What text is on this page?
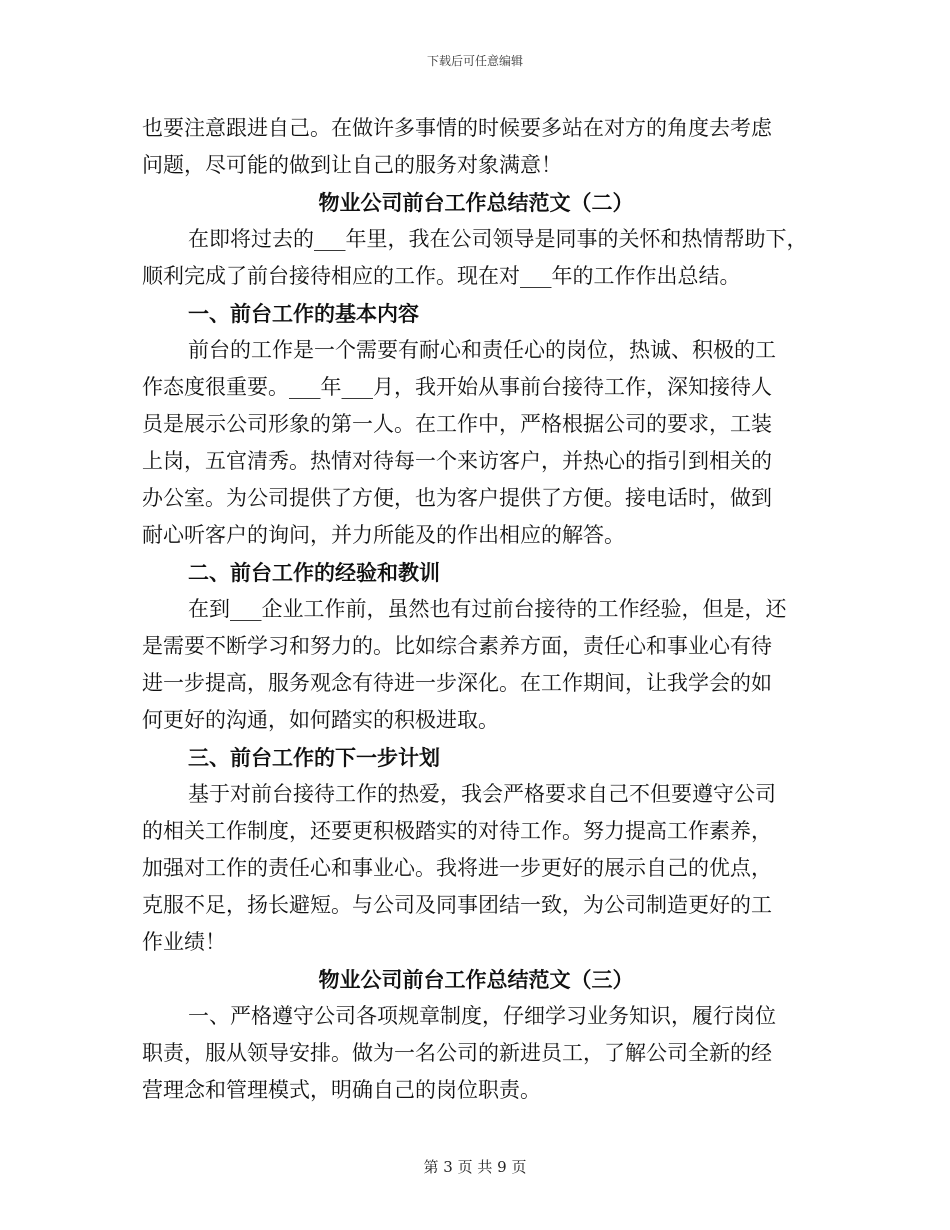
下载后可任意编辑
也要注意跟进自己。在做许多事情的时候要多站在对方的角度去考虑
问题，尽可能的做到让自己的服务对象满意！
物业公司前台工作总结范文（二）
在即将过去的___年里，我在公司领导是同事的关怀和热情帮助下，
顺利完成了前台接待相应的工作。现在对___年的工作作出总结。
一、前台工作的基本内容
前台的工作是一个需要有耐心和责任心的岗位，热诚、积极的工
作态度很重要。___年___月，我开始从事前台接待工作，深知接待人
员是展示公司形象的第一人。在工作中，严格根据公司的要求，工装
上岗，五官清秀。热情对待每一个来访客户，并热心的指引到相关的
办公室。为公司提供了方便，也为客户提供了方便。接电话时，做到
耐心听客户的询问，并力所能及的作出相应的解答。
二、前台工作的经验和教训
在到___企业工作前，虽然也有过前台接待的工作经验，但是，还
是需要不断学习和努力的。比如综合素养方面，责任心和事业心有待
进一步提高，服务观念有待进一步深化。在工作期间，让我学会的如
何更好的沟通，如何踏实的积极进取。
三、前台工作的下一步计划
基于对前台接待工作的热爱，我会严格要求自己不但要遵守公司
的相关工作制度，还要更积极踏实的对待工作。努力提高工作素养，
加强对工作的责任心和事业心。我将进一步更好的展示自己的优点，
克服不足，扬长避短。与公司及同事团结一致，为公司制造更好的工
作业绩！
物业公司前台工作总结范文（三）
一、严格遵守公司各项规章制度，仔细学习业务知识，履行岗位
职责，服从领导安排。做为一名公司的新进员工，了解公司全新的经
营理念和管理模式，明确自己的岗位职责。
第 3 页 共 9 页
